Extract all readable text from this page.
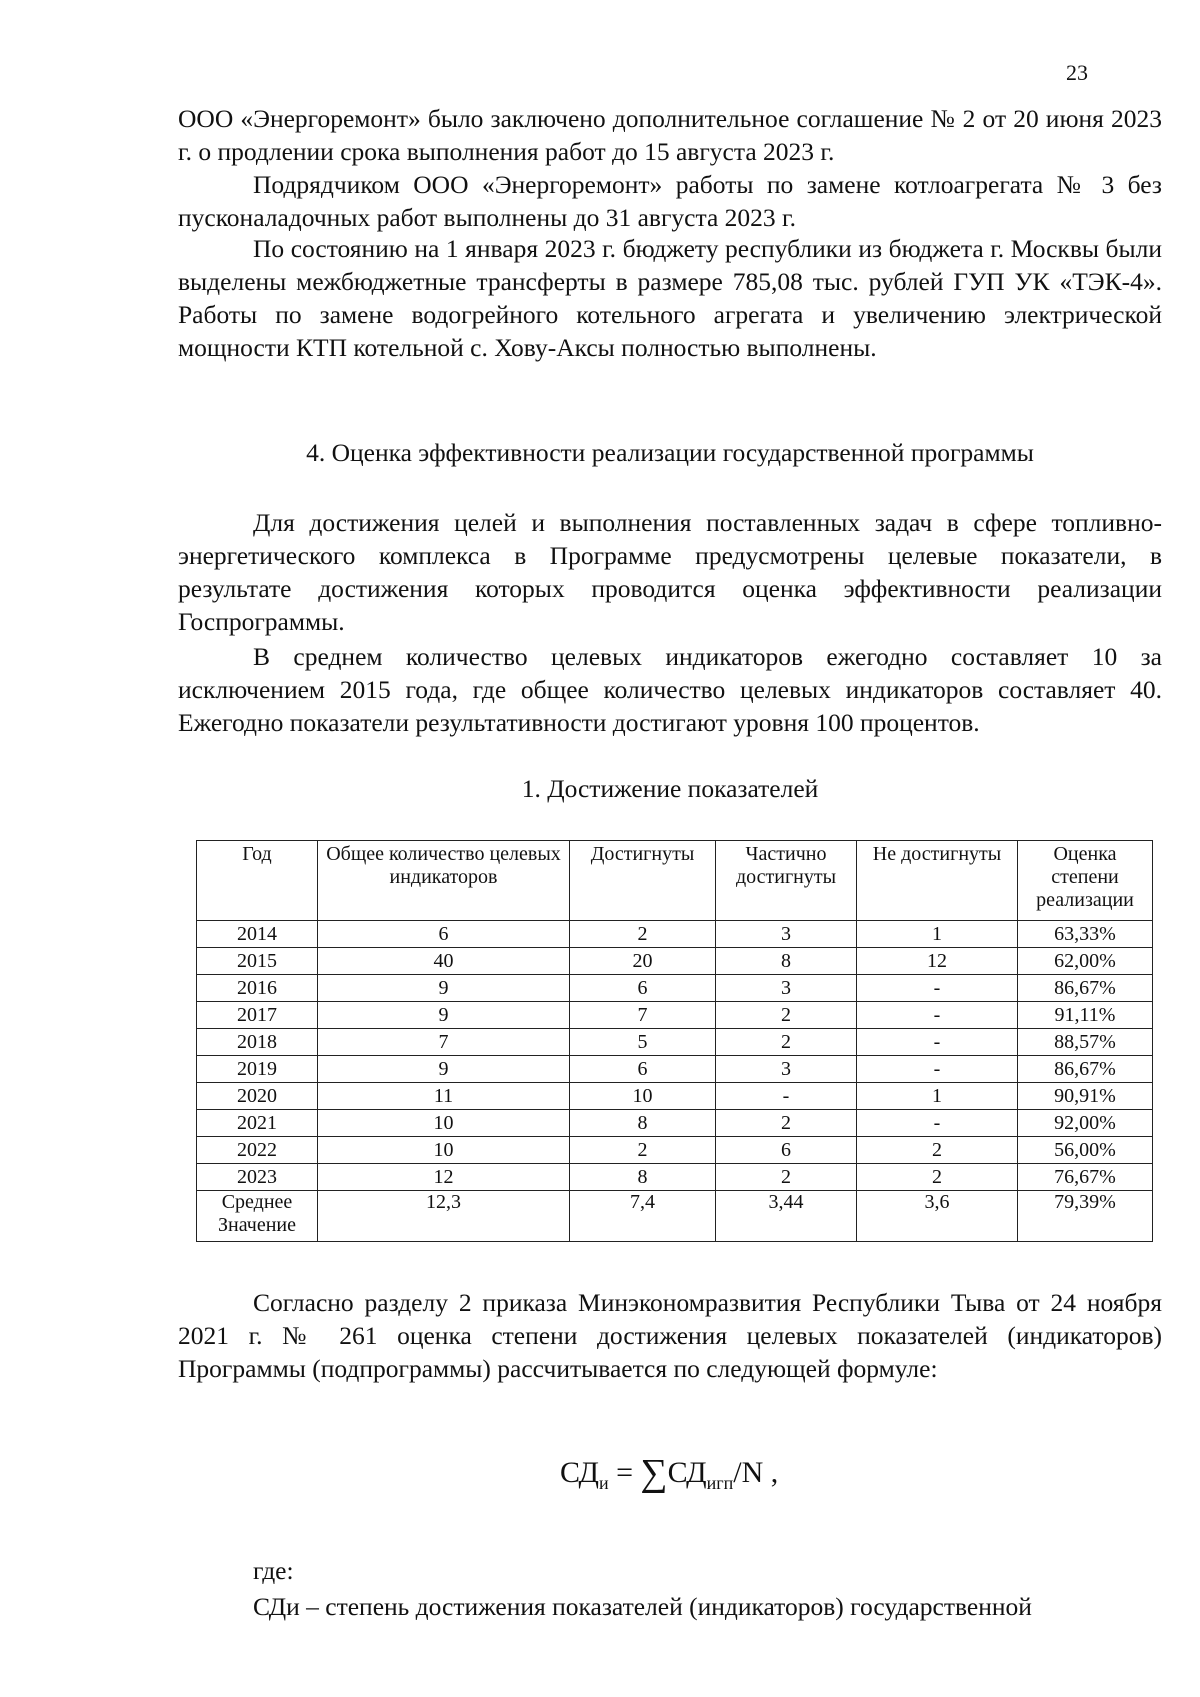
23

ООО «Энергоремонт» было заключено дополнительное соглашение № 2 от 20 июня 2023 г. о продлении срока выполнения работ до 15 августа 2023 г.

Подрядчиком ООО «Энергоремонт» работы по замене котлоагрегата № 3 без пусконаладочных работ выполнены до 31 августа 2023 г.

По состоянию на 1 января 2023 г. бюджету республики из бюджета г. Москвы были выделены межбюджетные трансферты в размере 785,08 тыс. рублей ГУП УК «ТЭК-4». Работы по замене водогрейного котельного агрегата и увеличению электрической мощности КТП котельной с. Хову-Аксы полностью выполнены.

4. Оценка эффективности реализации государственной программы

Для достижения целей и выполнения поставленных задач в сфере топливно-энергетического комплекса в Программе предусмотрены целевые показатели, в результате достижения которых проводится оценка эффективности реализации Госпрограммы.

В среднем количество целевых индикаторов ежегодно составляет 10 за исключением 2015 года, где общее количество целевых индикаторов составляет 40. Ежегодно показатели результативности достигают уровня 100 процентов.

1. Достижение показателей

Год	Общее количество целевых индикаторов	Достигнуты	Частично достигнуты	Не достигнуты	Оценка степени реализации
2014	6	2	3	1	63,33%
2015	40	20	8	12	62,00%
2016	9	6	3	-	86,67%
2017	9	7	2	-	91,11%
2018	7	5	2	-	88,57%
2019	9	6	3	-	86,67%
2020	11	10	-	1	90,91%
2021	10	8	2	-	92,00%
2022	10	2	6	2	56,00%
2023	12	8	2	2	76,67%
Среднее Значение	12,3	7,4	3,44	3,6	79,39%

Согласно разделу 2 приказа Минэкономразвития Республики Тыва от 24 ноября 2021 г. № 261 оценка степени достижения целевых показателей (индикаторов) Программы (подпрограммы) рассчитывается по следующей формуле:

$СД_и = \sum СД_{игп}/N$ ,

где:

СДи – степень достижения показателей (индикаторов) государственной
